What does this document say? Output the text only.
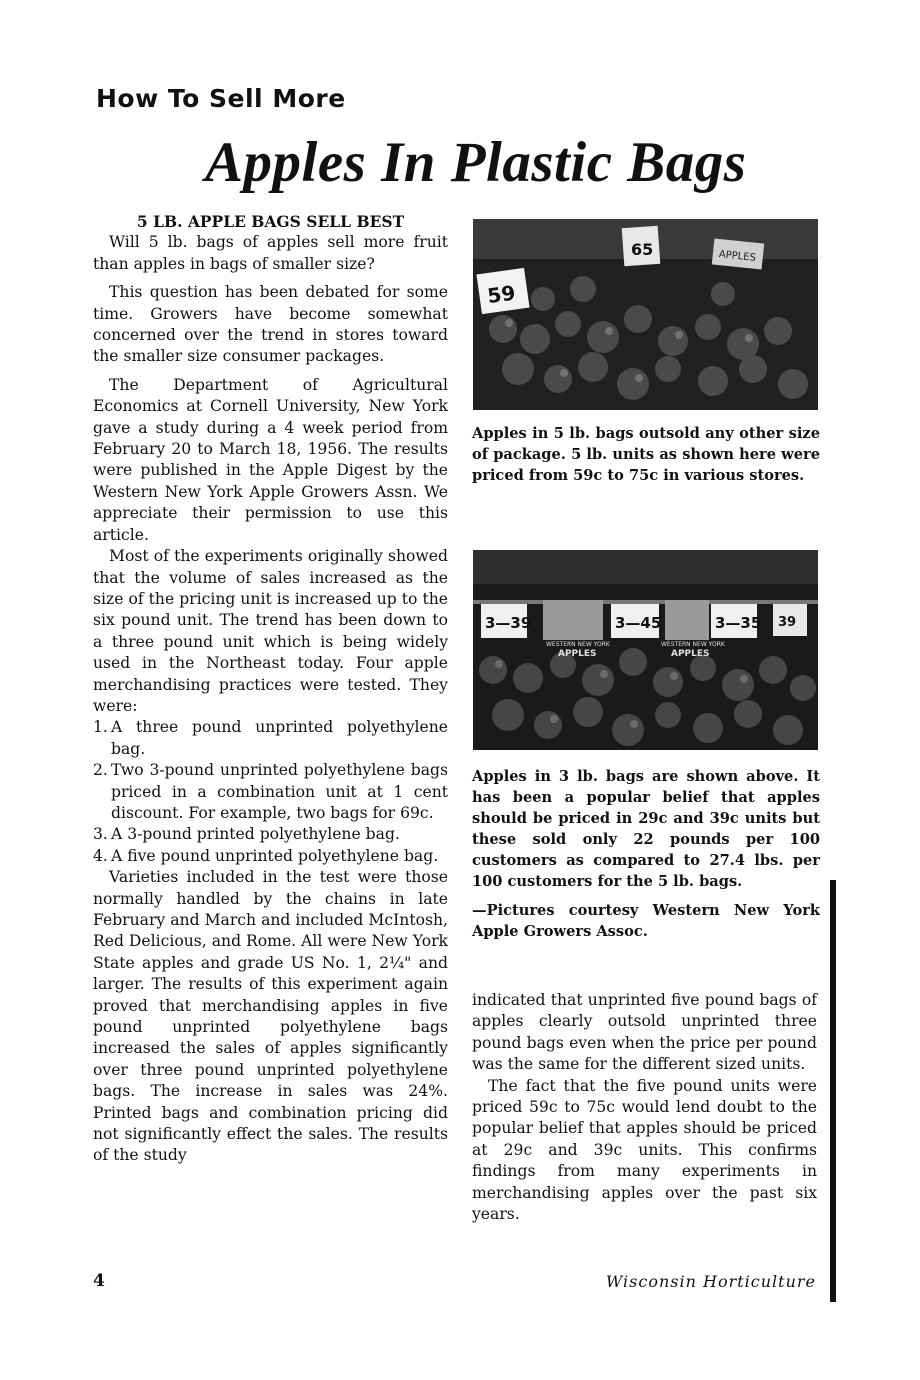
How To Sell More
Apples In Plastic Bags

5 LB. APPLE BAGS SELL BEST

Will 5 lb. bags of apples sell more fruit than apples in bags of smaller size?

This question has been debated for some time. Growers have become somewhat concerned over the trend in stores toward the smaller size consumer packages.

The Department of Agricultural Economics at Cornell University, New York gave a study during a 4 week period from February 20 to March 18, 1956. The results were published in the Apple Digest by the Western New York Apple Growers Assn. We appreciate their permission to use this article.

Most of the experiments originally showed that the volume of sales increased as the size of the pricing unit is increased up to the six pound unit. The trend has been down to a three pound unit which is being widely used in the Northeast today. Four apple merchandising practices were tested. They were:

1. A three pound unprinted polyethylene bag.
2. Two 3-pound unprinted polyethylene bags priced in a combination unit at 1 cent discount. For example, two bags for 69c.
3. A 3-pound printed polyethylene bag.
4. A five pound unprinted polyethylene bag.

Varieties included in the test were those normally handled by the chains in late February and March and included McIntosh, Red Delicious, and Rome. All were New York State apples and grade US No. 1, 2¼" and larger. The results of this experiment again proved that merchandising apples in five pound unprinted polyethylene bags increased the sales of apples significantly over three pound unprinted polyethylene bags. The increase in sales was 24%. Printed bags and combination pricing did not significantly effect the sales. The results of the study

65
59
APPLES

Apples in 5 lb. bags outsold any other size of package. 5 lb. units as shown here were priced from 59c to 75c in various stores.

3—39
WESTERN NEW YORK
APPLES
3—45
WESTERN NEW YORK
APPLES
3—35 39

Apples in 3 lb. bags are shown above. It has been a popular belief that apples should be priced in 29c and 39c units but these sold only 22 pounds per 100 customers as compared to 27.4 lbs. per 100 customers for the 5 lb. bags.

—Pictures courtesy Western New York Apple Growers Assoc.

indicated that unprinted five pound bags of apples clearly outsold unprinted three pound bags even when the price per pound was the same for the different sized units.

The fact that the five pound units were priced 59c to 75c would lend doubt to the popular belief that apples should be priced at 29c and 39c units. This confirms findings from many experiments in merchandising apples over the past six years.

4	Wisconsin Horticulture
